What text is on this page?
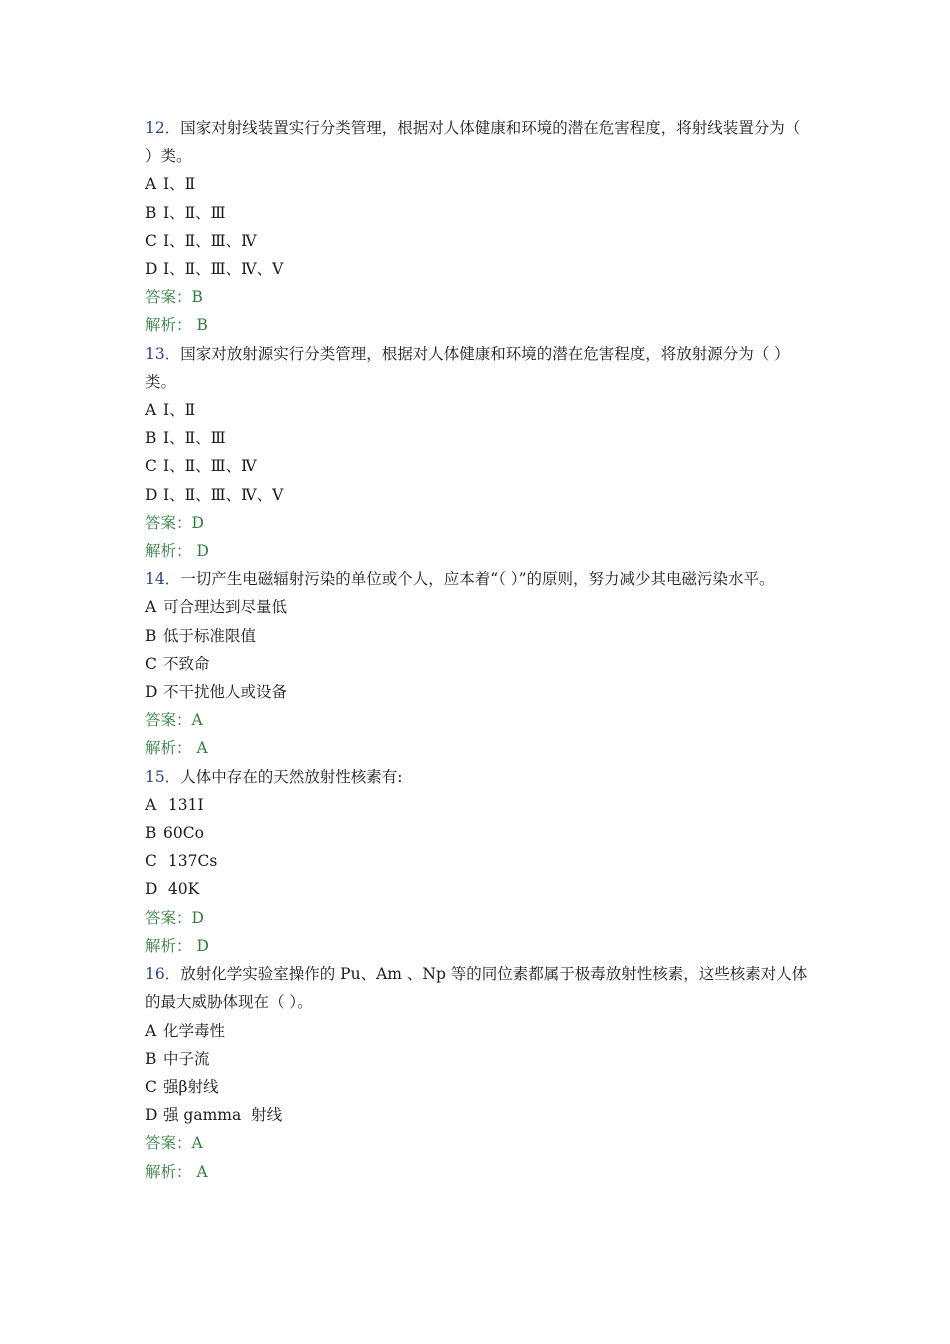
12．国家对射线装置实行分类管理，根据对人体健康和环境的潜在危害程度，将射线装置分为（ ）类。
A Ⅰ、Ⅱ
B Ⅰ、Ⅱ、Ⅲ
C Ⅰ、Ⅱ、Ⅲ、Ⅳ
D Ⅰ、Ⅱ、Ⅲ、Ⅳ、Ⅴ
答案：B
解析： B
13．国家对放射源实行分类管理，根据对人体健康和环境的潜在危害程度，将放射源分为（ ）类。
A Ⅰ、Ⅱ
B Ⅰ、Ⅱ、Ⅲ
C Ⅰ、Ⅱ、Ⅲ、Ⅳ
D Ⅰ、Ⅱ、Ⅲ、Ⅳ、Ⅴ
答案：D
解析： D
14．一切产生电磁辐射污染的单位或个人，应本着“（ ）”的原则，努力减少其电磁污染水平。
A 可合理达到尽量低
B 低于标准限值
C 不致命
D 不干扰他人或设备
答案：A
解析： A
15．人体中存在的天然放射性核素有:
A 131I
B 60Co
C 137Cs
D 40K
答案：D
解析： D
16．放射化学实验室操作的 Pu、Am 、Np 等的同位素都属于极毒放射性核素，这些核素对人体的最大威胁体现在（ ）。
A 化学毒性
B 中子流
C 强β射线
D 强 gamma  射线
答案：A
解析： A
